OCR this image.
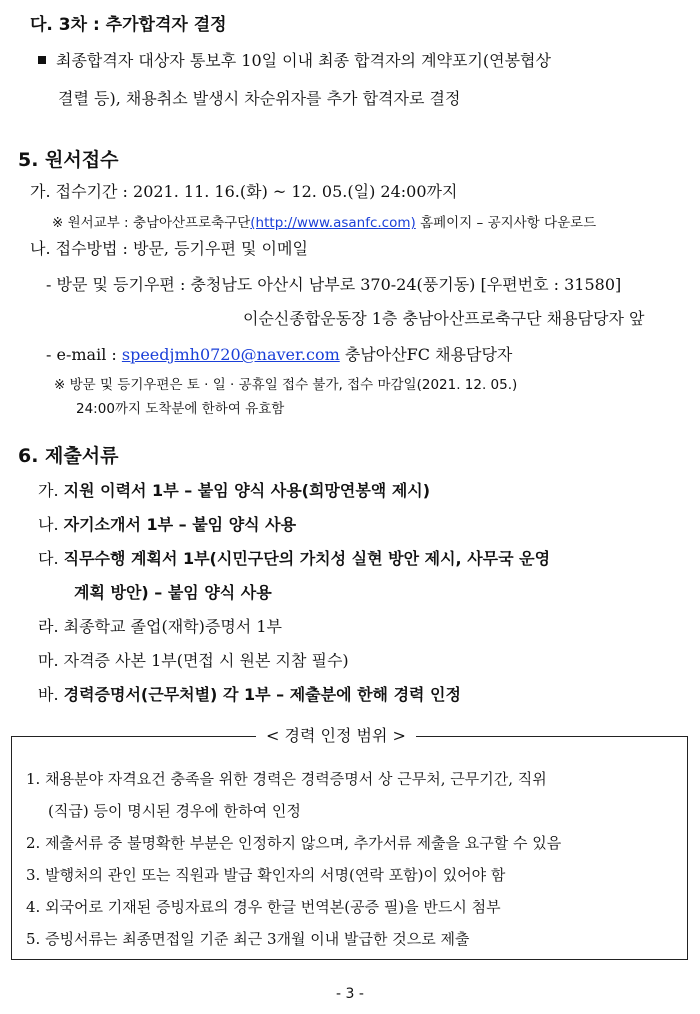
다. 3차 : 추가합격자 결정
최종합격자 대상자 통보후 10일 이내 최종 합격자의 계약포기(연봉협상
결렬 등), 채용취소 발생시 차순위자를 추가 합격자로 결정
5. 원서접수
가. 접수기간 : 2021. 11. 16.(화) ~ 12. 05.(일) 24:00까지
※ 원서교부 : 충남아산프로축구단(http://www.asanfc.com) 홈페이지 – 공지사항 다운로드
나. 접수방법 : 방문, 등기우편 및 이메일
- 방문 및 등기우편 : 충청남도 아산시 남부로 370-24(풍기동) [우편번호 : 31580]
이순신종합운동장 1층 충남아산프로축구단 채용담당자 앞
- e-mail : speedjmh0720@naver.com 충남아산FC 채용담당자
※ 방문 및 등기우편은 토 · 일 · 공휴일 접수 불가, 접수 마감일(2021. 12. 05.)
24:00까지 도착분에 한하여 유효함
6. 제출서류
가. 지원 이력서 1부 – 붙임 양식 사용(희망연봉액 제시)
나. 자기소개서 1부 – 붙임 양식 사용
다. 직무수행 계획서 1부(시민구단의 가치성 실현 방안 제시, 사무국 운영
계획 방안) – 붙임 양식 사용
라. 최종학교 졸업(재학)증명서 1부
마. 자격증 사본 1부(면접 시 원본 지참 필수)
바. 경력증명서(근무처별) 각 1부 – 제출분에 한해 경력 인정
< 경력 인정 범위 >
1. 채용분야 자격요건 충족을 위한 경력은 경력증명서 상 근무처, 근무기간, 직위
(직급) 등이 명시된 경우에 한하여 인정
2. 제출서류 중 불명확한 부분은 인정하지 않으며, 추가서류 제출을 요구할 수 있음
3. 발행처의 관인 또는 직원과 발급 확인자의 서명(연락 포함)이 있어야 함
4. 외국어로 기재된 증빙자료의 경우 한글 번역본(공증 필)을 반드시 첨부
5. 증빙서류는 최종면접일 기준 최근 3개월 이내 발급한 것으로 제출
- 3 -
